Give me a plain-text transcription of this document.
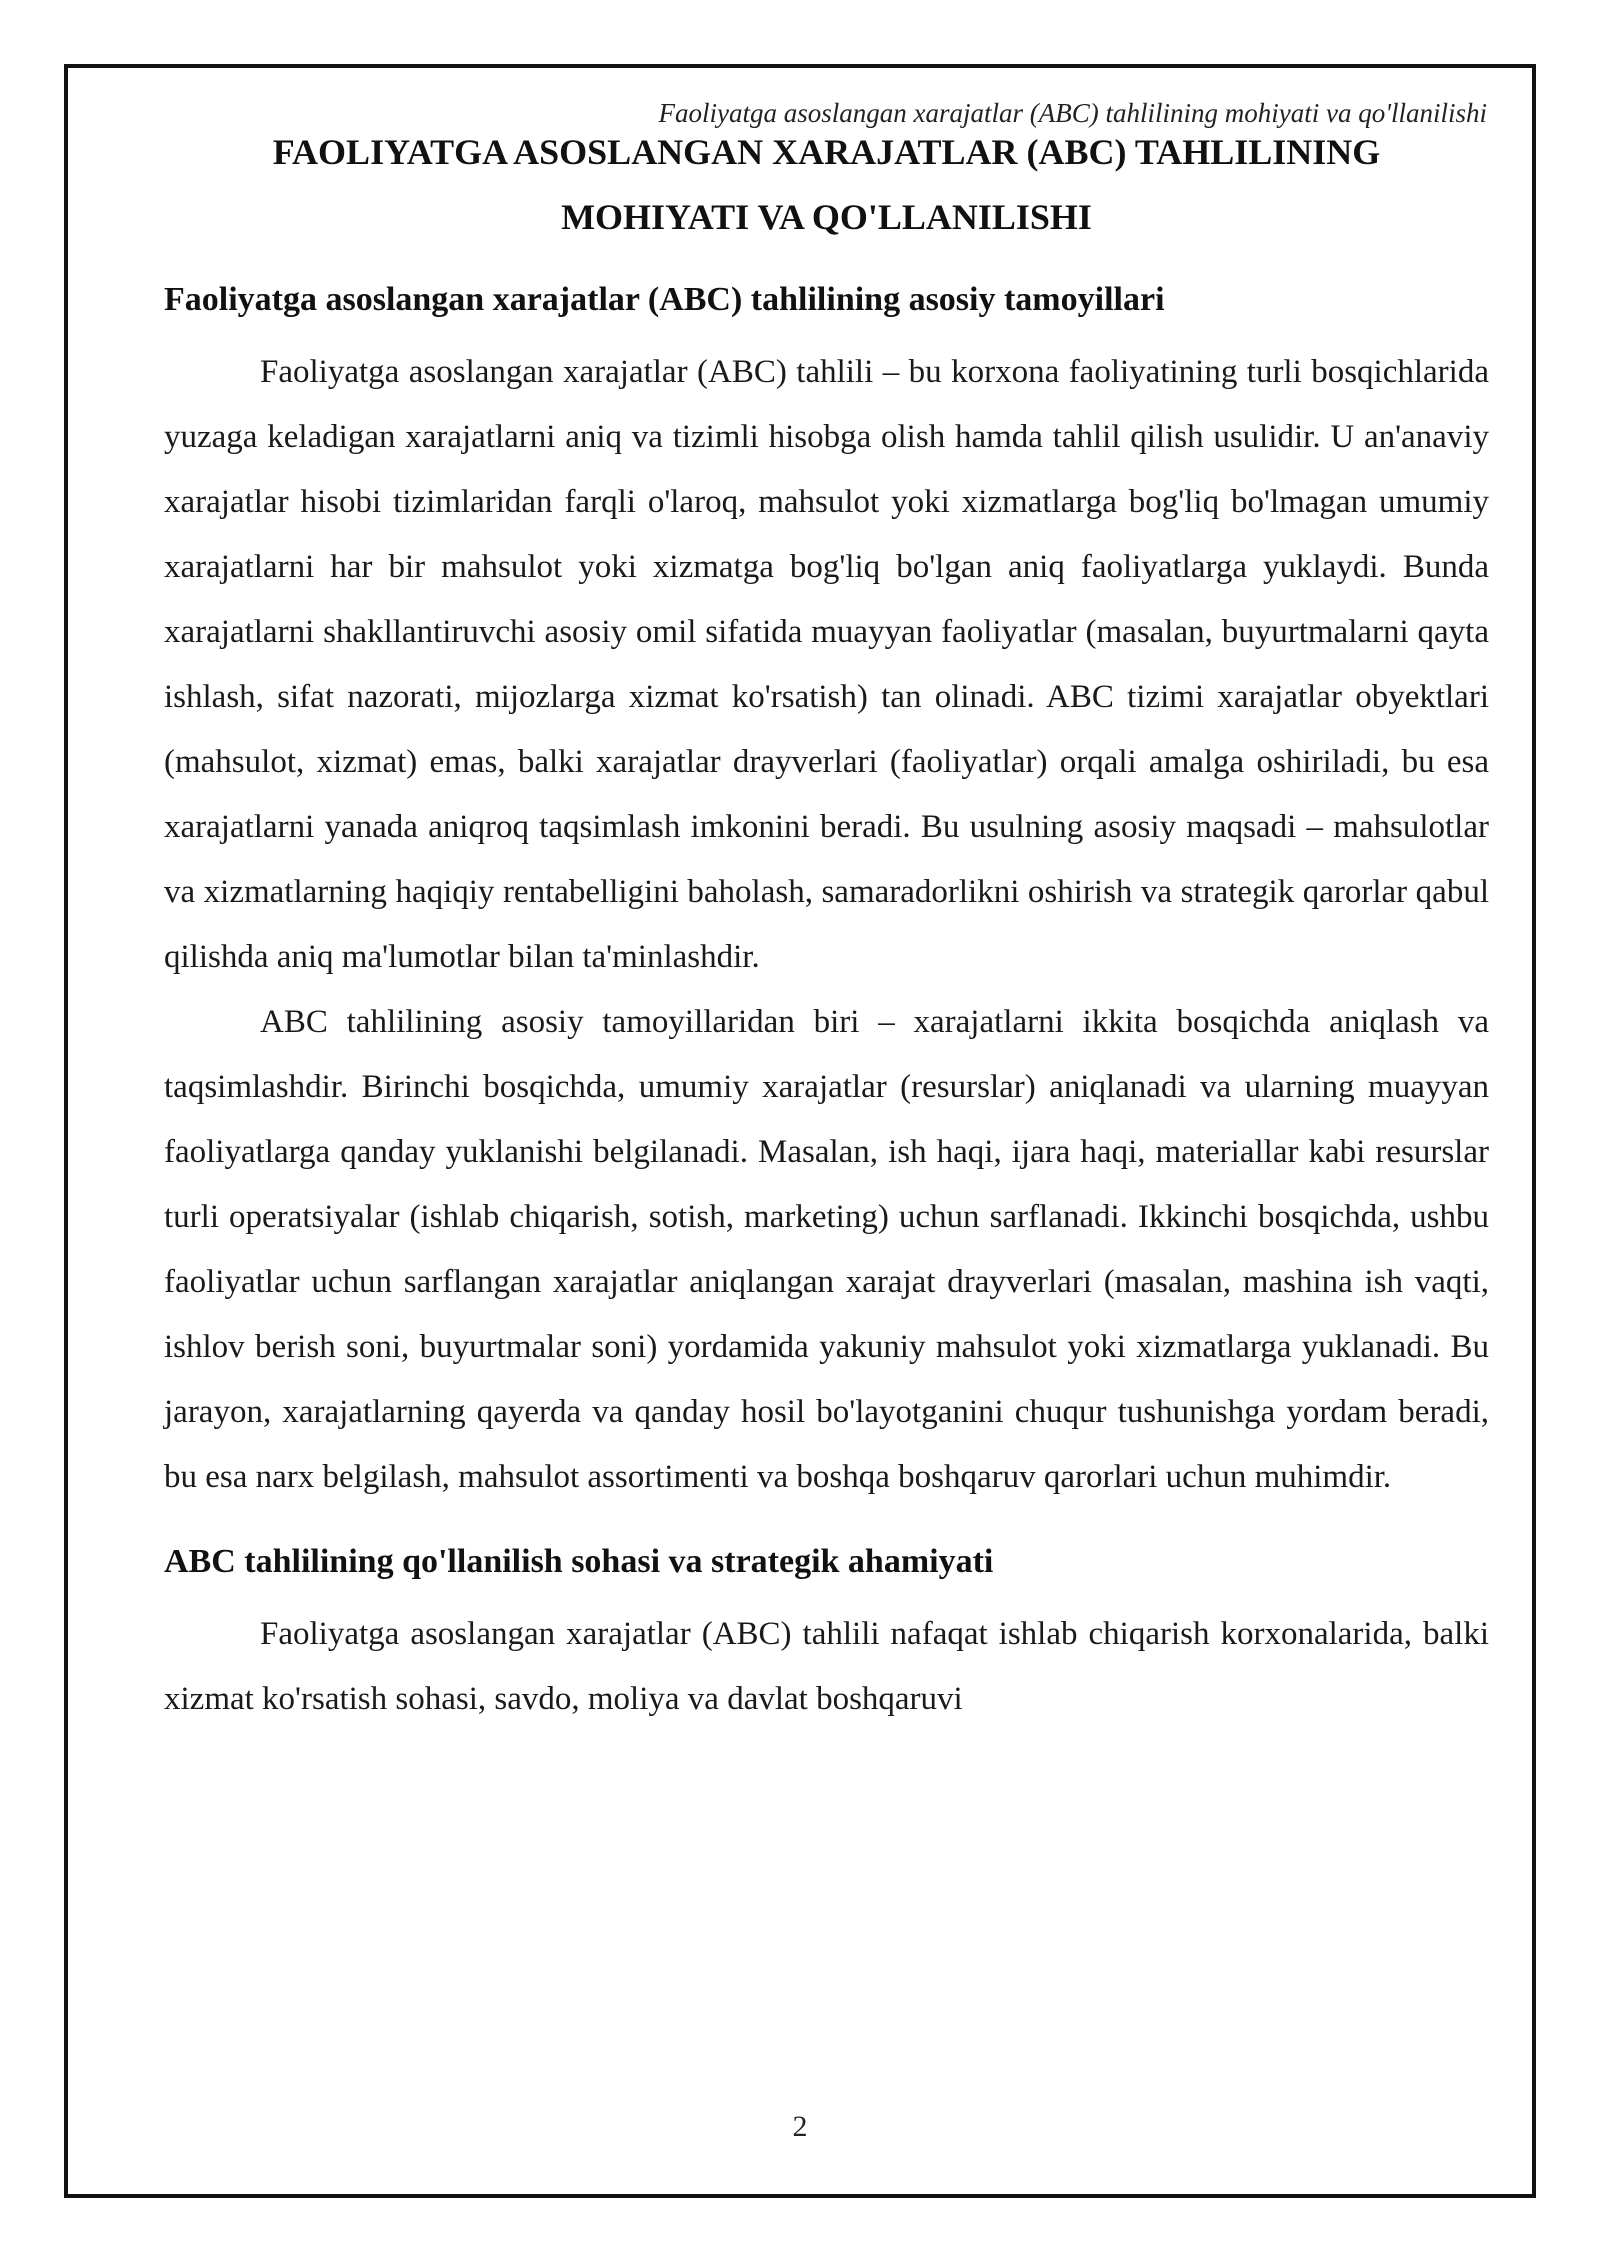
Faoliyatga asoslangan xarajatlar (ABC) tahlilining mohiyati va qo'llanilishi
2
FAOLIYATGA ASOSLANGAN XARAJATLAR (ABC) TAHLILINING
MOHIYATI VA QO'LLANILISHI
Faoliyatga asoslangan xarajatlar (ABC) tahlilining asosiy tamoyillari

Faoliyatga asoslangan xarajatlar (ABC) tahlili – bu korxona faoliyatining turli bosqichlarida yuzaga keladigan xarajatlarni aniq va tizimli hisobga olish hamda tahlil qilish usulidir. U an'anaviy xarajatlar hisobi tizimlaridan farqli o'laroq, mahsulot yoki xizmatlarga bog'liq bo'lmagan umumiy xarajatlarni har bir mahsulot yoki xizmatga bog'liq bo'lgan aniq faoliyatlarga yuklaydi. Bunda xarajatlarni shakllantiruvchi asosiy omil sifatida muayyan faoliyatlar (masalan, buyurtmalarni qayta ishlash, sifat nazorati, mijozlarga xizmat ko'rsatish) tan olinadi. ABC tizimi xarajatlar obyektlari (mahsulot, xizmat) emas, balki xarajatlar drayverlari (faoliyatlar) orqali amalga oshiriladi, bu esa xarajatlarni yanada aniqroq taqsimlash imkonini beradi. Bu usulning asosiy maqsadi – mahsulotlar va xizmatlarning haqiqiy rentabelligini baholash, samaradorlikni oshirish va strategik qarorlar qabul qilishda aniq ma'lumotlar bilan ta'minlashdir.

ABC tahlilining asosiy tamoyillaridan biri – xarajatlarni ikkita bosqichda aniqlash va taqsimlashdir. Birinchi bosqichda, umumiy xarajatlar (resurslar) aniqlanadi va ularning muayyan faoliyatlarga qanday yuklanishi belgilanadi. Masalan, ish haqi, ijara haqi, materiallar kabi resurslar turli operatsiyalar (ishlab chiqarish, sotish, marketing) uchun sarflanadi. Ikkinchi bosqichda, ushbu faoliyatlar uchun sarflangan xarajatlar aniqlangan xarajat drayverlari (masalan, mashina ish vaqti, ishlov berish soni, buyurtmalar soni) yordamida yakuniy mahsulot yoki xizmatlarga yuklanadi. Bu jarayon, xarajatlarning qayerda va qanday hosil bo'layotganini chuqur tushunishga yordam beradi, bu esa narx belgilash, mahsulot assortimenti va boshqa boshqaruv qarorlari uchun muhimdir.

ABC tahlilining qo'llanilish sohasi va strategik ahamiyati

Faoliyatga asoslangan xarajatlar (ABC) tahlili nafaqat ishlab chiqarish korxonalarida, balki xizmat ko'rsatish sohasi, savdo, moliya va davlat boshqaruvi
